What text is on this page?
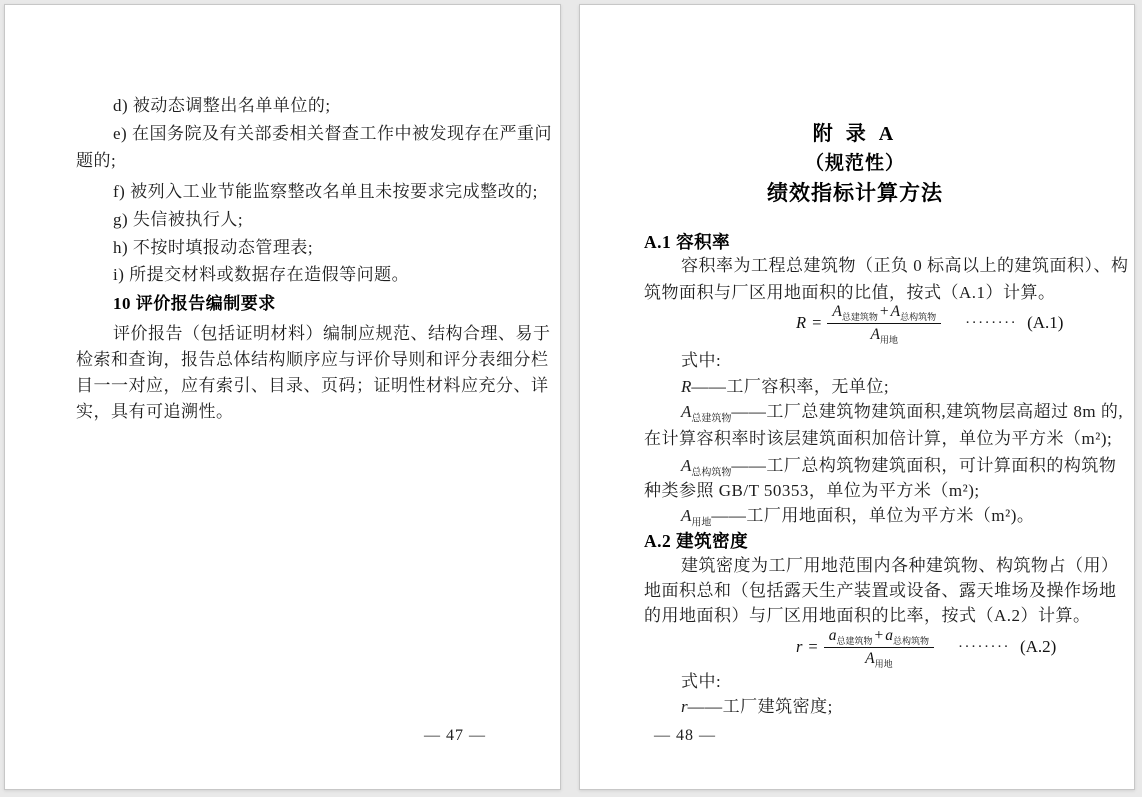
d) 被动态调整出名单单位的;
e) 在国务院及有关部委相关督查工作中被发现存在严重问
题的;
f) 被列入工业节能监察整改名单且未按要求完成整改的;
g) 失信被执行人;
h) 不按时填报动态管理表;
i) 所提交材料或数据存在造假等问题。
10 评价报告编制要求
评价报告（包括证明材料）编制应规范、结构合理、易于
检索和查询，报告总体结构顺序应与评价导则和评分表细分栏
目一一对应，应有索引、目录、页码；证明性材料应充分、详
实，具有可追溯性。
— 47 —
附 录 A
（规范性）
绩效指标计算方法
A.1 容积率
容积率为工程总建筑物（正负 0 标高以上的建筑面积）、构
筑物面积与厂区用地面积的比值，按式（A.1）计算。
$R = \frac{A_{总建筑物} + A_{总构筑物}}{A_{用地}}$ ········ (A.1)
式中:
R——工厂容积率，无单位;
$A_{总建筑物}——$工厂总建筑物建筑面积,建筑物层高超过 8m 的,
在计算容积率时该层建筑面积加倍计算，单位为平方米（m²);
$A_{总构筑物}——$工厂总构筑物建筑面积，可计算面积的构筑物
种类参照 GB/T 50353，单位为平方米（m²);
$A_{用地}——$工厂用地面积，单位为平方米（m²)。
A.2 建筑密度
建筑密度为工厂用地范围内各种建筑物、构筑物占（用）
地面积总和（包括露天生产装置或设备、露天堆场及操作场地
的用地面积）与厂区用地面积的比率，按式（A.2）计算。
$r = \frac{a_{总建筑物} + a_{总构筑物}}{A_{用地}}$ ········ (A.2)
式中:
r——工厂建筑密度;
— 48 —
